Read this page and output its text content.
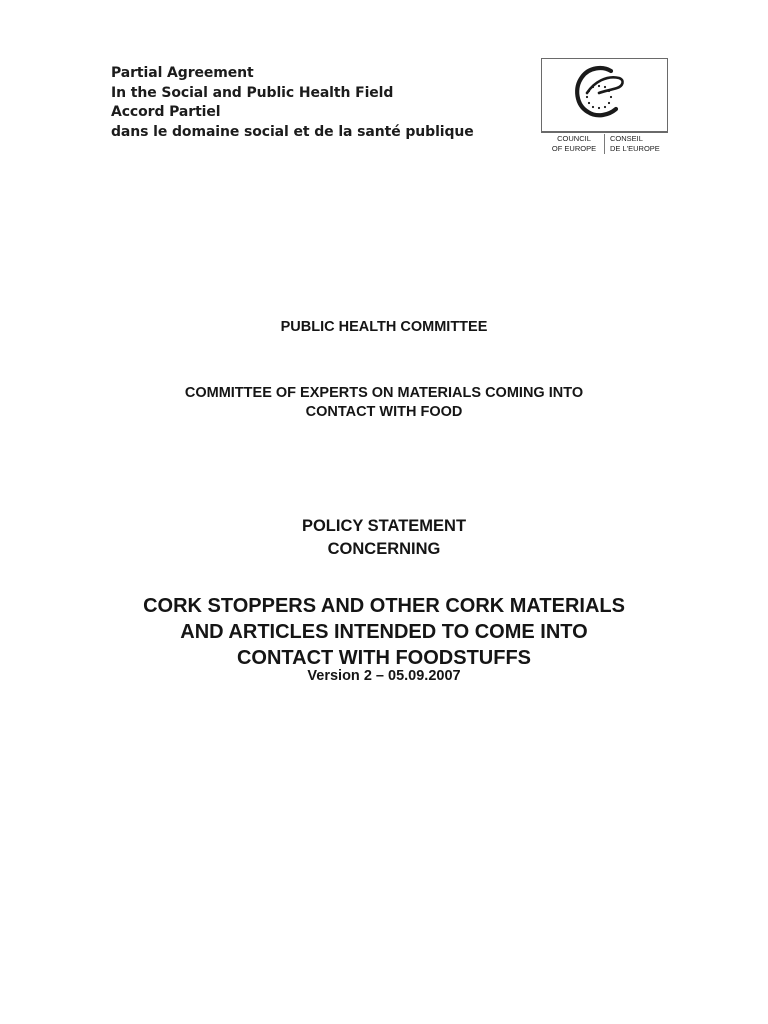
Partial Agreement
In the Social and Public Health Field
Accord Partiel
dans le domaine social et de la santé publique	COUNCIL
OF EUROPE
CONSEIL
DE L'EUROPE
PUBLIC HEALTH COMMITTEE
COMMITTEE OF EXPERTS ON MATERIALS COMING INTO
CONTACT WITH FOOD
POLICY STATEMENT
CONCERNING
CORK STOPPERS AND OTHER CORK MATERIALS
AND ARTICLES INTENDED TO COME INTO
CONTACT WITH FOODSTUFFS
Version 2 – 05.09.2007
